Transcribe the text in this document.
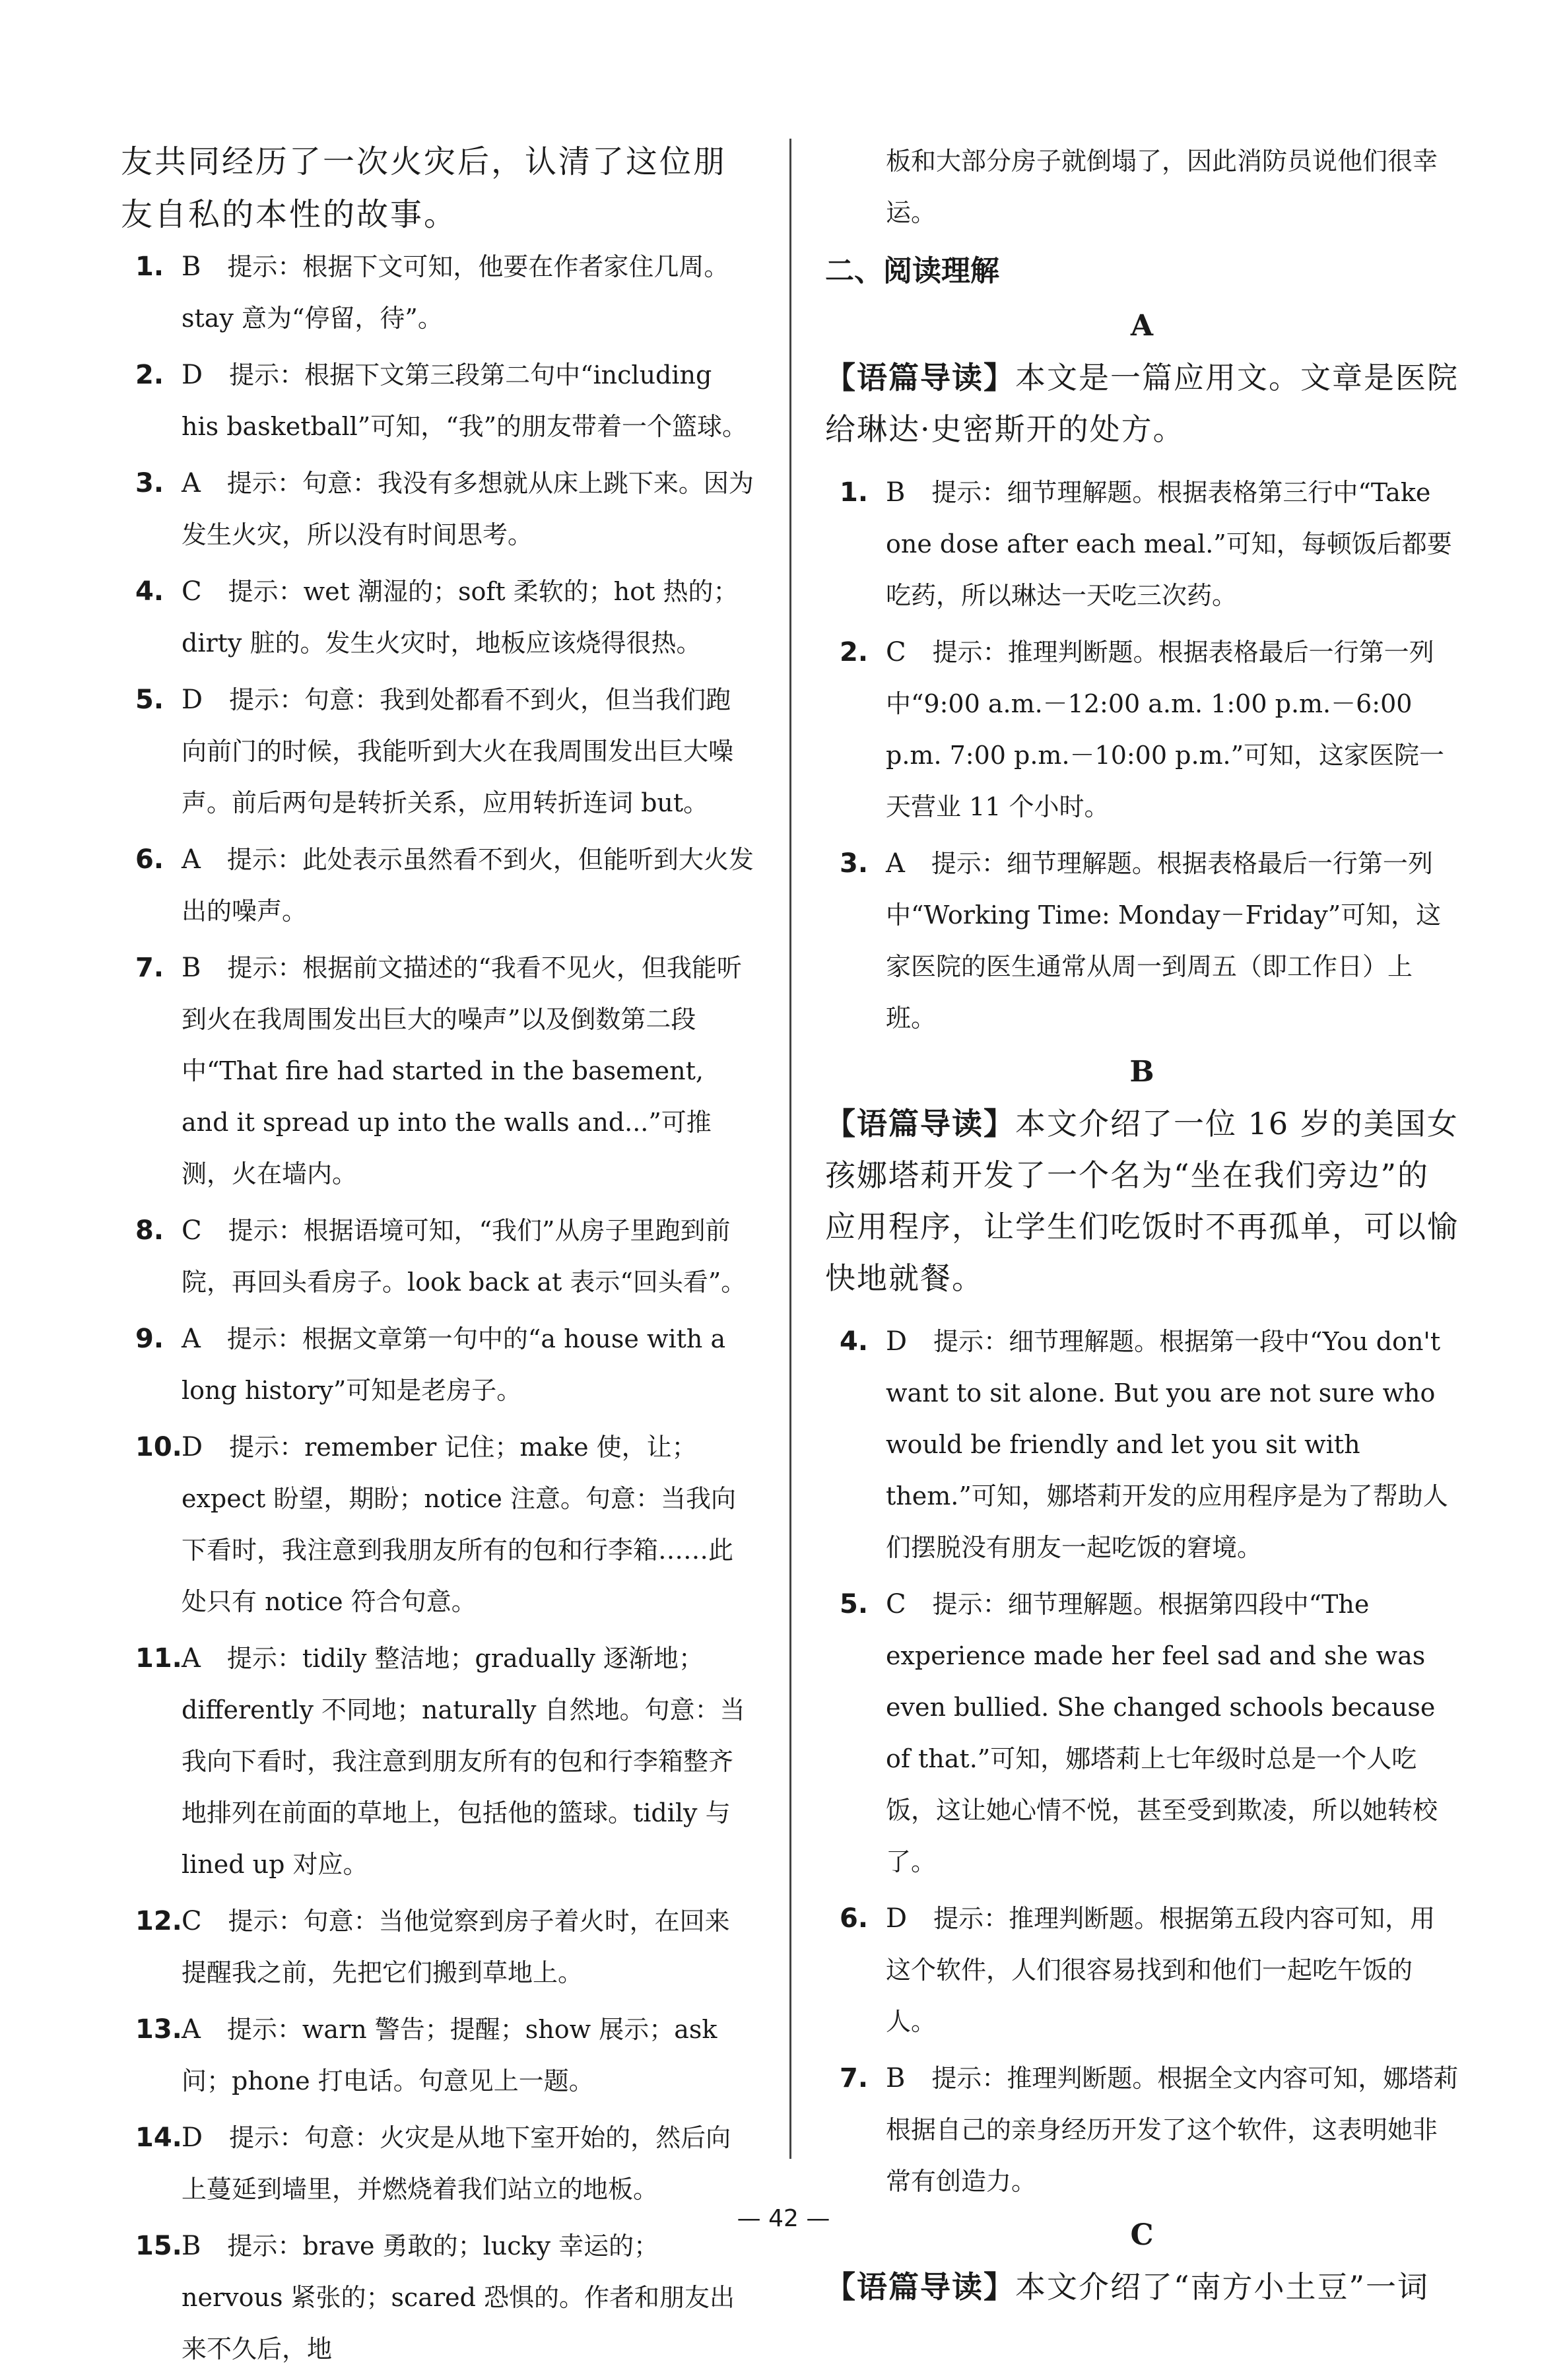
友共同经历了一次火灾后，认清了这位朋友自私的本性的故事。

1. B 提示：根据下文可知，他要在作者家住几周。stay 意为“停留，待”。

2. D 提示：根据下文第三段第二句中“including his basketball”可知，“我”的朋友带着一个篮球。

3. A 提示：句意：我没有多想就从床上跳下来。因为发生火灾，所以没有时间思考。

4. C 提示：wet 潮湿的；soft 柔软的；hot 热的；dirty 脏的。发生火灾时，地板应该烧得很热。

5. D 提示：句意：我到处都看不到火，但当我们跑向前门的时候，我能听到大火在我周围发出巨大噪声。前后两句是转折关系，应用转折连词 but。

6. A 提示：此处表示虽然看不到火，但能听到大火发出的噪声。

7. B 提示：根据前文描述的“我看不见火，但我能听到火在我周围发出巨大的噪声”以及倒数第二段中“That fire had started in the basement, and it spread up into the walls and...”可推测，火在墙内。

8. C 提示：根据语境可知，“我们”从房子里跑到前院，再回头看房子。look back at 表示“回头看”。

9. A 提示：根据文章第一句中的“a house with a long history”可知是老房子。

10. D 提示：remember 记住；make 使，让；expect 盼望，期盼；notice 注意。句意：当我向下看时，我注意到我朋友所有的包和行李箱……此处只有 notice 符合句意。

11. A 提示：tidily 整洁地；gradually 逐渐地；differently 不同地；naturally 自然地。句意：当我向下看时，我注意到朋友所有的包和行李箱整齐地排列在前面的草地上，包括他的篮球。tidily 与 lined up 对应。

12. C 提示：句意：当他觉察到房子着火时，在回来提醒我之前，先把它们搬到草地上。

13. A 提示：warn 警告；提醒；show 展示；ask 问；phone 打电话。句意见上一题。

14. D 提示：句意：火灾是从地下室开始的，然后向上蔓延到墙里，并燃烧着我们站立的地板。

15. B 提示：brave 勇敢的；lucky 幸运的；nervous 紧张的；scared 恐惧的。作者和朋友出来不久后，地

板和大部分房子就倒塌了，因此消防员说他们很幸运。

二、阅读理解
A

【语篇导读】本文是一篇应用文。文章是医院给琳达·史密斯开的处方。

1. B 提示：细节理解题。根据表格第三行中“Take one dose after each meal.”可知，每顿饭后都要吃药，所以琳达一天吃三次药。

2. C 提示：推理判断题。根据表格最后一行第一列中“9:00 a.m.－12:00 a.m. 1:00 p.m.－6:00 p.m. 7:00 p.m.－10:00 p.m.”可知，这家医院一天营业 11 个小时。

3. A 提示：细节理解题。根据表格最后一行第一列中“Working Time: Monday－Friday”可知，这家医院的医生通常从周一到周五（即工作日）上班。

B

【语篇导读】本文介绍了一位 16 岁的美国女孩娜塔莉开发了一个名为“坐在我们旁边”的应用程序，让学生们吃饭时不再孤单，可以愉快地就餐。

4. D 提示：细节理解题。根据第一段中“You don't want to sit alone. But you are not sure who would be friendly and let you sit with them.”可知，娜塔莉开发的应用程序是为了帮助人们摆脱没有朋友一起吃饭的窘境。

5. C 提示：细节理解题。根据第四段中“The experience made her feel sad and she was even bullied. She changed schools because of that.”可知，娜塔莉上七年级时总是一个人吃饭，这让她心情不悦，甚至受到欺凌，所以她转校了。

6. D 提示：推理判断题。根据第五段内容可知，用这个软件，人们很容易找到和他们一起吃午饭的人。

7. B 提示：推理判断题。根据全文内容可知，娜塔莉根据自己的亲身经历开发了这个软件，这表明她非常有创造力。

C

【语篇导读】本文介绍了“南方小土豆”一词

— 42 —
